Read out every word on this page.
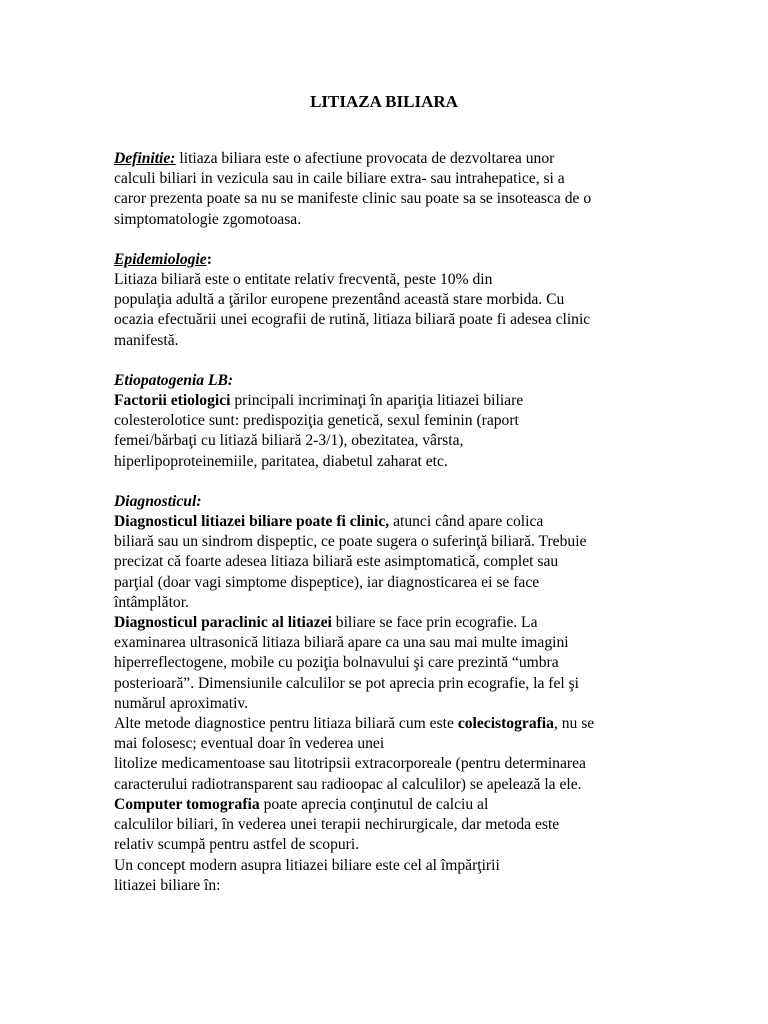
LITIAZA BILIARA
Definitie: litiaza biliara este o afectiune provocata de dezvoltarea unor
calculi biliari in vezicula sau in caile biliare extra- sau intrahepatice, si a
caror prezenta poate sa nu se manifeste clinic sau poate sa se insoteasca de o
simptomatologie zgomotoasa.
Epidemiologie:
Litiaza biliară este o entitate relativ frecventă, peste 10% din
populaţia adultă a ţărilor europene prezentând această stare morbida. Cu
ocazia efectuării unei ecografii de rutină, litiaza biliară poate fi adesea clinic
manifestă.
Etiopatogenia LB:
Factorii etiologici principali incriminaţi în apariţia litiazei biliare
colesterolotice sunt: predispoziţia genetică, sexul feminin (raport
femei/bărbaţi cu litiază biliară 2-3/1), obezitatea, vârsta,
hiperlipoproteinemiile, paritatea, diabetul zaharat etc.
Diagnosticul:
Diagnosticul litiazei biliare poate fi clinic, atunci când apare colica
biliară sau un sindrom dispeptic, ce poate sugera o suferinţă biliară. Trebuie
precizat că foarte adesea litiaza biliară este asimptomatică, complet sau
parţial (doar vagi simptome dispeptice), iar diagnosticarea ei se face
întâmplător.
Diagnosticul paraclinic al litiazei biliare se face prin ecografie. La
examinarea ultrasonică litiaza biliară apare ca una sau mai multe imagini
hiperreflectogene, mobile cu poziţia bolnavului şi care prezintă “umbra
posterioară”. Dimensiunile calculilor se pot aprecia prin ecografie, la fel şi
numărul aproximativ.
Alte metode diagnostice pentru litiaza biliară cum este colecistografia, nu se
mai folosesc; eventual doar în vederea unei
litolize medicamentoase sau litotripsii extracorporeale (pentru determinarea
caracterului radiotransparent sau radioopac al calculilor) se apelează la ele.
Computer tomografia poate aprecia conţinutul de calciu al
calculilor biliari, în vederea unei terapii nechirurgicale, dar metoda este
relativ scumpă pentru astfel de scopuri.
Un concept modern asupra litiazei biliare este cel al împărţirii
litiazei biliare în:
